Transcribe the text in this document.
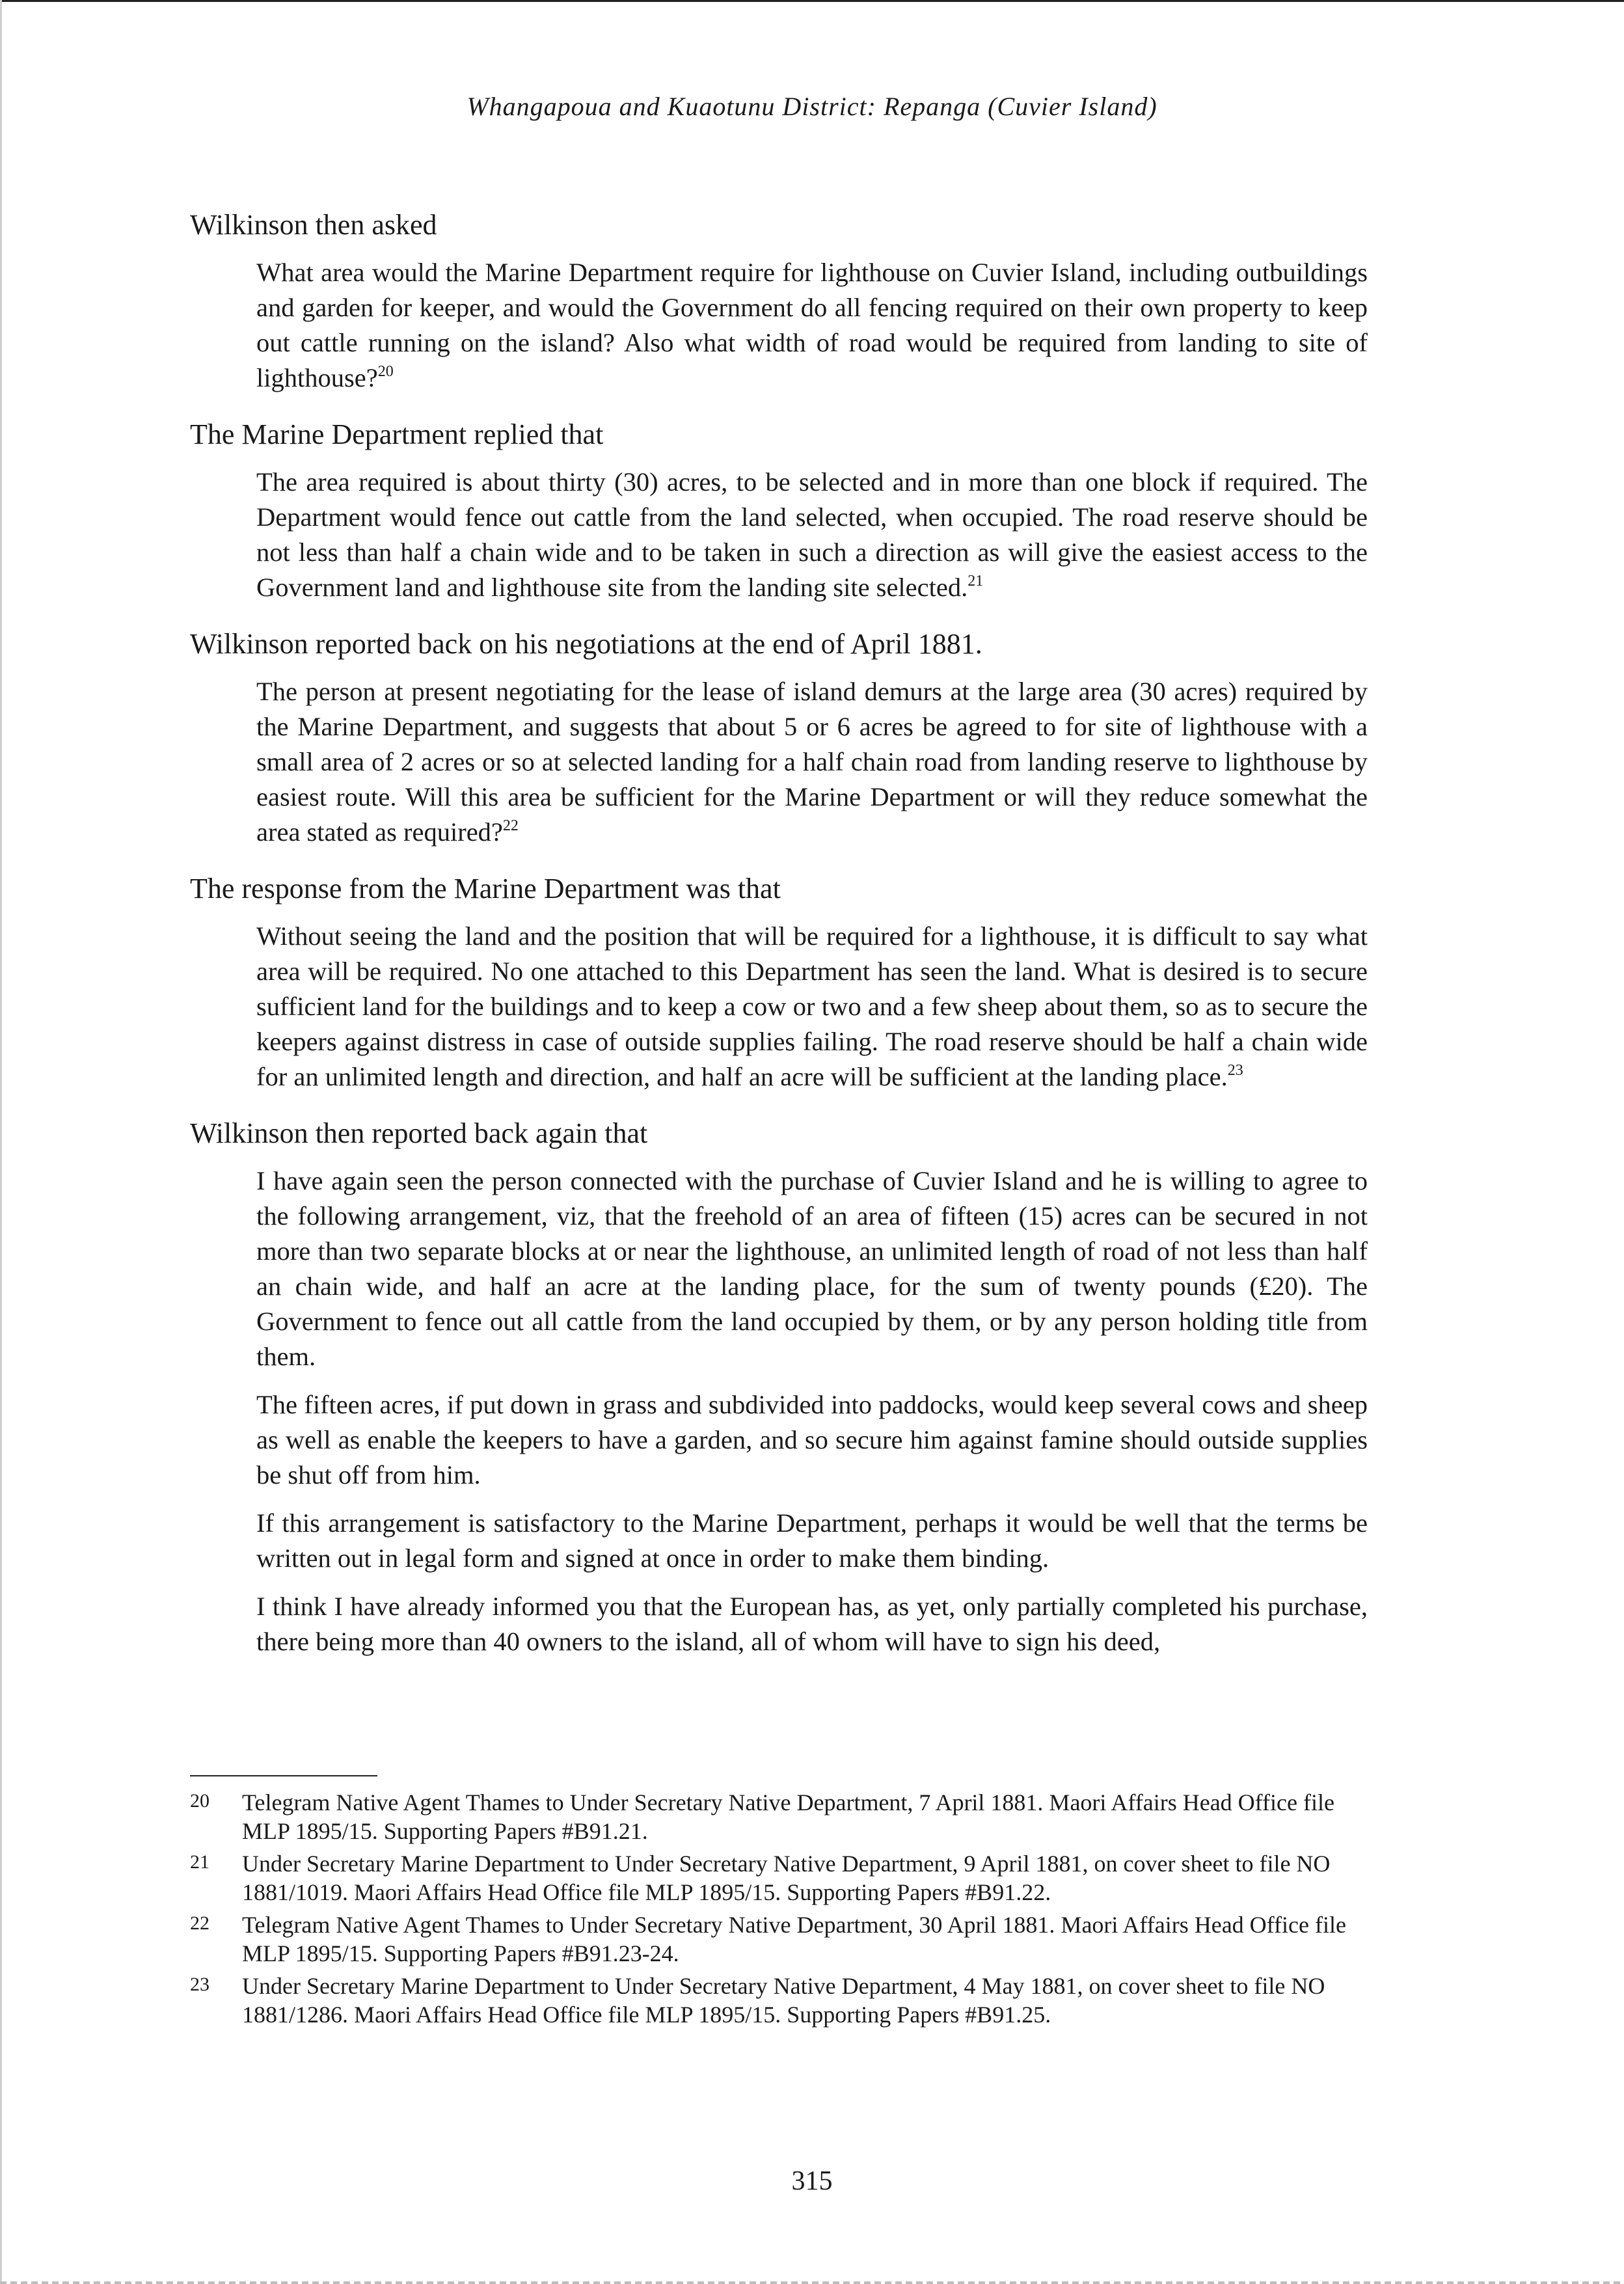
Whangapoua and Kuaotunu District: Repanga (Cuvier Island)

Wilkinson then asked

What area would the Marine Department require for lighthouse on Cuvier Island, including outbuildings and garden for keeper, and would the Government do all fencing required on their own property to keep out cattle running on the island? Also what width of road would be required from landing to site of lighthouse?$^{20}$

The Marine Department replied that

The area required is about thirty (30) acres, to be selected and in more than one block if required. The Department would fence out cattle from the land selected, when occupied. The road reserve should be not less than half a chain wide and to be taken in such a direction as will give the easiest access to the Government land and lighthouse site from the landing site selected.$^{21}$

Wilkinson reported back on his negotiations at the end of April 1881.

The person at present negotiating for the lease of island demurs at the large area (30 acres) required by the Marine Department, and suggests that about 5 or 6 acres be agreed to for site of lighthouse with a small area of 2 acres or so at selected landing for a half chain road from landing reserve to lighthouse by easiest route. Will this area be sufficient for the Marine Department or will they reduce somewhat the area stated as required?$^{22}$

The response from the Marine Department was that

Without seeing the land and the position that will be required for a lighthouse, it is difficult to say what area will be required. No one attached to this Department has seen the land. What is desired is to secure sufficient land for the buildings and to keep a cow or two and a few sheep about them, so as to secure the keepers against distress in case of outside supplies failing. The road reserve should be half a chain wide for an unlimited length and direction, and half an acre will be sufficient at the landing place.$^{23}$

Wilkinson then reported back again that

I have again seen the person connected with the purchase of Cuvier Island and he is willing to agree to the following arrangement, viz, that the freehold of an area of fifteen (15) acres can be secured in not more than two separate blocks at or near the lighthouse, an unlimited length of road of not less than half an chain wide, and half an acre at the landing place, for the sum of twenty pounds (£20). The Government to fence out all cattle from the land occupied by them, or by any person holding title from them.

The fifteen acres, if put down in grass and subdivided into paddocks, would keep several cows and sheep as well as enable the keepers to have a garden, and so secure him against famine should outside supplies be shut off from him.

If this arrangement is satisfactory to the Marine Department, perhaps it would be well that the terms be written out in legal form and signed at once in order to make them binding.

I think I have already informed you that the European has, as yet, only partially completed his purchase, there being more than 40 owners to the island, all of whom will have to sign his deed,

20	Telegram Native Agent Thames to Under Secretary Native Department, 7 April 1881. Maori Affairs Head Office file MLP 1895/15. Supporting Papers #B91.21.
21	Under Secretary Marine Department to Under Secretary Native Department, 9 April 1881, on cover sheet to file NO 1881/1019. Maori Affairs Head Office file MLP 1895/15. Supporting Papers #B91.22.
22	Telegram Native Agent Thames to Under Secretary Native Department, 30 April 1881. Maori Affairs Head Office file MLP 1895/15. Supporting Papers #B91.23-24.
23	Under Secretary Marine Department to Under Secretary Native Department, 4 May 1881, on cover sheet to file NO 1881/1286. Maori Affairs Head Office file MLP 1895/15. Supporting Papers #B91.25.
315
